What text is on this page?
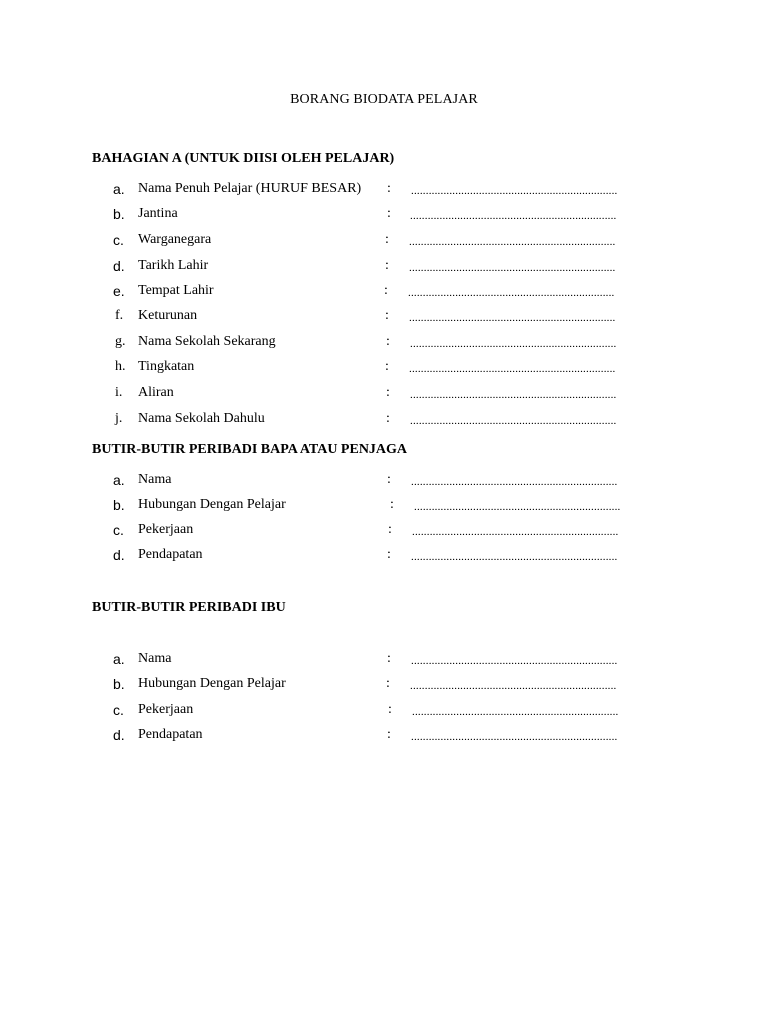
BORANG BIODATA PELAJAR
BAHAGIAN A (UNTUK DIISI OLEH PELAJAR)
a. Nama Penuh Pelajar (HURUF BESAR) : ......................................................................
b. Jantina	: ......................................................................
c.	Warganegara	: ......................................................................
d. Tarikh Lahir	: ......................................................................
e. Tempat Lahir	: ......................................................................
f.	Keturunan	: ......................................................................
g. Nama Sekolah Sekarang	: ......................................................................
h. Tingkatan	: ......................................................................
i.	Aliran	: ......................................................................
j.	Nama Sekolah Dahulu	: ......................................................................
BUTIR-BUTIR PERIBADI BAPA ATAU PENJAGA
a. Nama	: ......................................................................
b. Hubungan Dengan Pelajar	: ......................................................................
c.	Pekerjaan	: ......................................................................
d. Pendapatan	: ......................................................................
BUTIR-BUTIR PERIBADI IBU
a. Nama	: ......................................................................
b. Hubungan Dengan Pelajar	: ......................................................................
c.	Pekerjaan	: ......................................................................
d. Pendapatan	: ......................................................................
